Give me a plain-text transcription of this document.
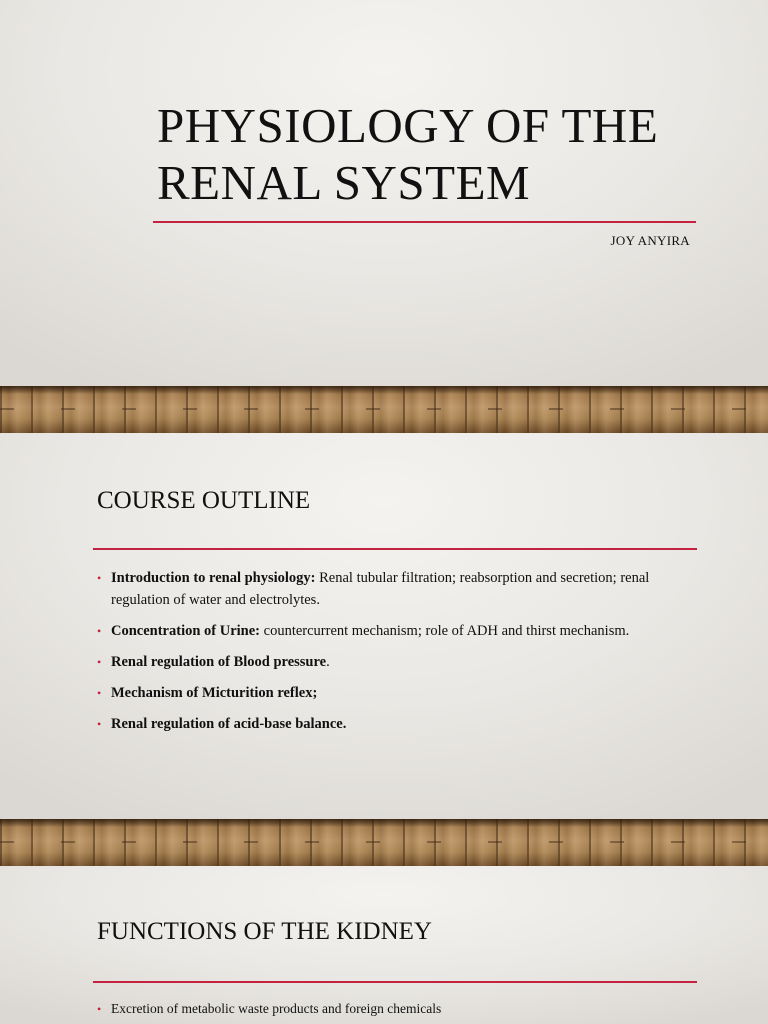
PHYSIOLOGY OF THE RENAL SYSTEM
JOY ANYIRA
COURSE OUTLINE
• Introduction to renal physiology: Renal tubular filtration; reabsorption and secretion; renal regulation of water and electrolytes.
• Concentration of Urine: countercurrent mechanism; role of ADH and thirst mechanism.
• Renal regulation of Blood pressure.
• Mechanism of Micturition reflex;
• Renal regulation of acid-base balance.
FUNCTIONS OF THE KIDNEY
• Excretion of metabolic waste products and foreign chemicals
